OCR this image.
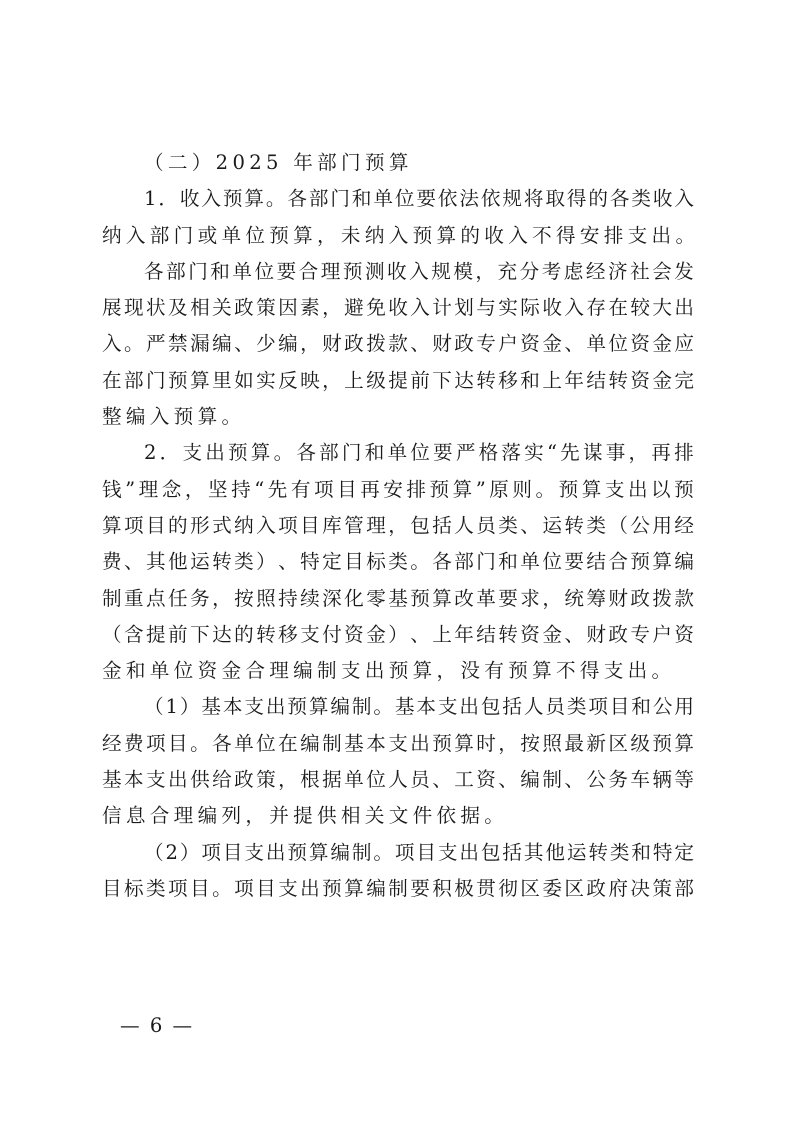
（二）2025 年部门预算
1 ． 收 入 预 算 。 各 部 门 和 单 位 要 依 法 依 规 将 取 得 的 各 类 收 入
纳入部门或单位预算，未纳入预算的收入不得安排支出。
各 部 门 和 单 位 要 合 理 预 测 收 入 规 模 ， 充 分 考 虑 经 济 社 会 发
展 现 状 及 相 关 政 策 因 素 ， 避 免 收 入 计 划 与 实 际 收 入 存 在 较 大 出
入 。 严 禁 漏 编 、 少 编 ， 财 政 拨 款 、 财 政 专 户 资 金 、 单 位 资 金 应
在 部 门 预 算 里 如 实 反 映 ， 上 级 提 前 下 达 转 移 和 上 年 结 转 资 金 完
整编入预算。
2 ． 支 出 预 算 。 各 部 门 和 单 位 要 严 格 落 实 “ 先 谋 事 ， 再 排
钱 ” 理 念 ， 坚 持 “ 先 有 项 目 再 安 排 预 算 ” 原 则 。 预 算 支 出 以 预
算 项 目 的 形 式 纳 入 项 目 库 管 理 ， 包 括 人 员 类 、 运 转 类 （ 公 用 经
费 、 其 他 运 转 类 ） 、 特 定 目 标 类 。 各 部 门 和 单 位 要 结 合 预 算 编
制 重 点 任 务 ， 按 照 持 续 深 化 零 基 预 算 改 革 要 求 ， 统 筹 财 政 拨 款
（ 含 提 前 下 达 的 转 移 支 付 资 金 ） 、 上 年 结 转 资 金 、 财 政 专 户 资
金和单位资金合理编制支出预算，没有预算不得支出。
（ 1 ） 基 本 支 出 预 算 编 制 。 基 本 支 出 包 括 人 员 类 项 目 和 公 用
经 费 项 目 。 各 单 位 在 编 制 基 本 支 出 预 算 时 ， 按 照 最 新 区 级 预 算
基 本 支 出 供 给 政 策 ， 根 据 单 位 人 员 、 工 资 、 编 制 、 公 务 车 辆 等
信息合理编列，并提供相关文件依据。
（ 2 ） 项 目 支 出 预 算 编 制 。 项 目 支 出 包 括 其 他 运 转 类 和 特 定
目 标 类 项 目 。 项 目 支 出 预 算 编 制 要 积 极 贯 彻 区 委 区 政 府 决 策 部
— 6 —
